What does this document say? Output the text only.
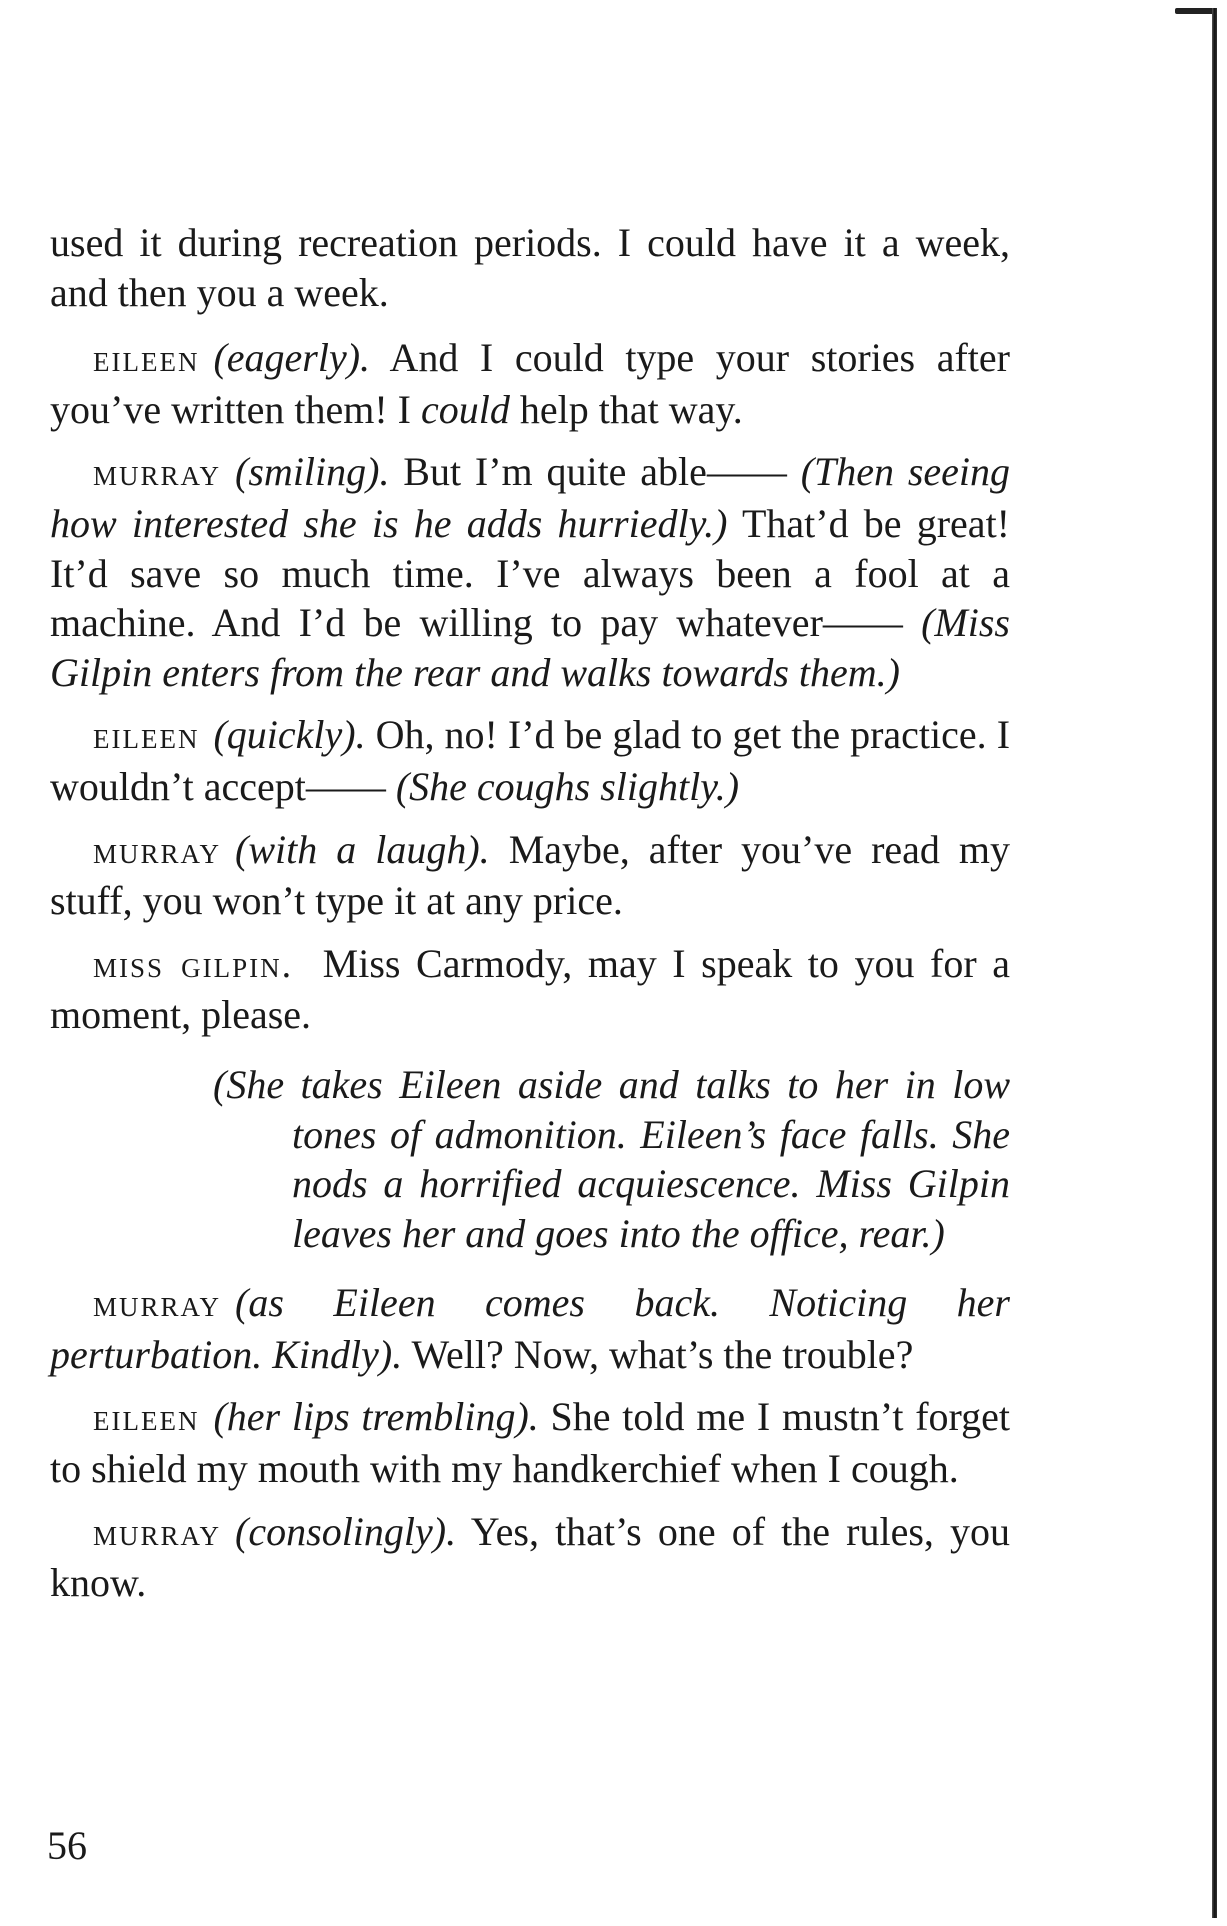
used it during recreation periods. I could have it a week, and then you a week.

eileen (eagerly). And I could type your stories after you’ve written them! I could help that way.

murray (smiling). But I’m quite able—— (Then seeing how interested she is he adds hurriedly.) That’d be great! It’d save so much time. I’ve always been a fool at a machine. And I’d be willing to pay whatever—— (Miss Gilpin enters from the rear and walks towards them.)

eileen (quickly). Oh, no! I’d be glad to get the practice. I wouldn’t accept—— (She coughs slightly.)

murray (with a laugh). Maybe, after you’ve read my stuff, you won’t type it at any price.

miss gilpin. Miss Carmody, may I speak to you for a moment, please.

(She takes Eileen aside and talks to her in low tones of admonition. Eileen’s face falls. She nods a horrified acquiescence. Miss Gilpin leaves her and goes into the office, rear.)

murray (as Eileen comes back. Noticing her perturbation. Kindly). Well? Now, what’s the trouble?

eileen (her lips trembling). She told me I mustn’t forget to shield my mouth with my handkerchief when I cough.

murray (consolingly). Yes, that’s one of the rules, you know.

56
